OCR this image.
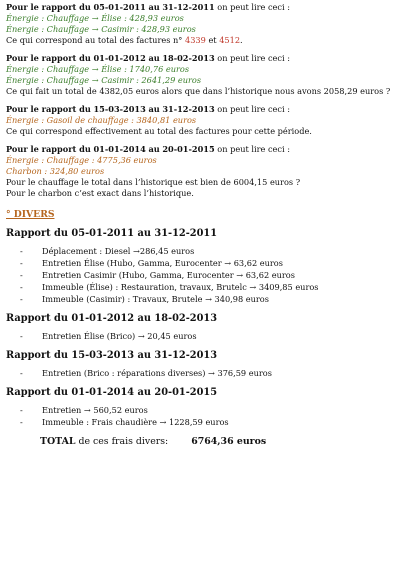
Pour le rapport du 05-01-2011 au 31-12-2011 on peut lire ceci :
Énergie : Chauffage → Élise : 428,93 euros
Énergie : Chauffage → Casimir : 428,93 euros
Ce qui correspond au total des factures n° 4339 et 4512.
Pour le rapport du 01-01-2012 au 18-02-2013 on peut lire ceci :
Énergie : Chauffage → Élise : 1740,76 euros
Énergie : Chauffage → Casimir : 2641,29 euros
Ce qui fait un total de 4382,05 euros alors que dans l’historique nous avons 2058,29 euros ?
Pour le rapport du 15-03-2013 au 31-12-2013 on peut lire ceci :
Énergie : Gasoil de chauffage : 3840,81 euros
Ce qui correspond effectivement au total des factures pour cette période.
Pour le rapport du 01-01-2014 au 20-01-2015 on peut lire ceci :
Énergie : Chauffage : 4775,36 euros
Charbon : 324,80 euros
Pour le chauffage le total dans l’historique est bien de 6004,15 euros ?
Pour le charbon c’est exact dans l’historique.
° DIVERS
Rapport du 05-01-2011 au 31-12-2011
- Déplacement : Diesel →286,45 euros
- Entretien Élise (Hubo, Gamma, Eurocenter → 63,62 euros
- Entretien Casimir (Hubo, Gamma, Eurocenter → 63,62 euros
- Immeuble (Élise) : Restauration, travaux, Brutelc → 3409,85 euros
- Immeuble (Casimir) : Travaux, Brutele → 340,98 euros
Rapport du 01-01-2012 au 18-02-2013
- Entretien Élise (Brico) → 20,45 euros
Rapport du 15-03-2013 au 31-12-2013
- Entretien (Brico : réparations diverses) → 376,59 euros
Rapport du 01-01-2014 au 20-01-2015
- Entretien → 560,52 euros
- Immeuble : Frais chaudière → 1228,59 euros
TOTAL de ces frais divers: 6764,36 euros
